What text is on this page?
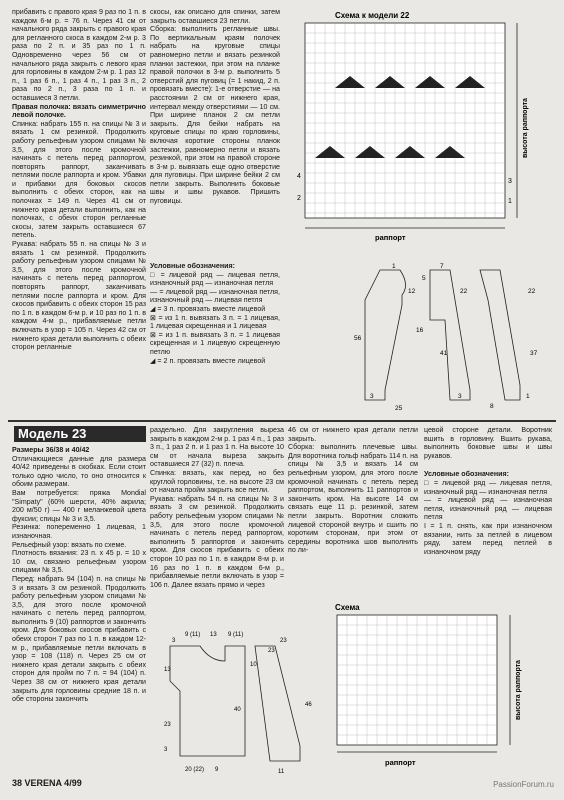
прибавить с правого края 9 раз по 1 п. в каждом 6-м р. = 76 п. Через 41 см от начального ряда закрыть с правого края для регланного скоса в каждом 2-м р. 3 раза по 2 п. и 35 раз по 1 п. Одновременно через 56 см от начального ряда закрыть с левого края для горловины в каждом 2-м р. 1 раз 12 п., 1 раз 6 п., 1 раз 4 п., 1 раз 3 п., 2 раза по 2 п., 3 раза по 1 п. и оставшиеся 3 петли.

Правая полочка: вязать симметрично левой полочке.

Спинка: набрать 155 п. на спицы № 3 и вязать 1 см резинкой. Продолжить работу рельефным узором спицами № 3,5, для этого после кромочной начинать с петель перед раппортом, повторять раппорт, заканчивать петлями после раппорта и кром. Убавки и прибавки для боковых скосов выполнить с обеих сторон, как на полочках = 149 п. Через 41 см от нижнего края детали выполнить, как на полочках, с обеих сторон регланные скосы, затем закрыть оставшиеся 67 петель.

Рукава: набрать 55 п. на спицы № 3 и вязать 1 см резинкой. Продолжить работу рельефным узором спицами № 3,5, для этого после кромочной начинать с петель перед раппортом, повторять раппорт, заканчивать петлями после раппорта и кром. Для скосов прибавить с обеих сторон 15 раз по 1 п. в каждом 6-м р. и 10 раз по 1 п. в каждом 4-м р., прибавляемые петли включать в узор = 105 п. Через 42 см от нижнего края детали выполнить с обеих сторон регланные

скосы, как описано для спинки, затем закрыть оставшиеся 23 петли.

Сборка: выполнить регланные швы. По вертикальным краям полочек набрать на круговые спицы равномерно петли и вязать резинкой планки застежки, при этом на планке правой полочки в 3-м р. выполнить 5 отверстий для пуговиц (= 1 накид, 2 п. провязать вместе): 1-е отверстие — на расстоянии 2 см от нижнего края, интервал между отверстиями — 10 см. При ширине планок 2 см петли закрыть. Для бейки набрать на круговые спицы по краю горловины, включая короткие стороны планок застежки, равномерно петли и вязать резинкой, при этом на правой стороне в 3-м р. вывязать еще одно отверстие для пуговицы. При ширине бейки 2 см петли закрыть. Выполнить боковые швы и швы рукавов. Пришить пуговицы.

Условные обозначения:

□ = лицевой ряд — лицевая петля, изнаночный ряд — изнаночная петля

— = лицевой ряд — изнаночная петля, изнаночный ряд — лицевая петля

◢ = 3 п. провязать вместе лицевой

⊠ = из 1 п. вывязать 3 п. = 1 лицевая, 1 лицевая скрещенная и 1 лицевая

⊠ = из 1 п. вывязать 3 п. = 1 лицевая скрещенная и 1 лицевую скрещенную петлю

◢ = 2 п. провязать вместе лицевой

Схема к модели 22
раппорт
высота раппорта
4
2	1
3
1
12	22
7
16
56
41
25
3
8
22
5
37
3	1
Модель 23

Размеры 36/38 и 40/42

Отличающиеся данные для размера 40/42 приведены в скобках. Если стоит только одно число, то оно относится к обоим размерам.

Вам потребуется: пряжа Mondial "Simpaty" (60% шерсти, 40% акрила; 200 м/50 г) — 400 г меланжевой цвета фуксии; спицы № 3 и 3,5.

Резинка: попеременно 1 лицевая, 1 изнаночная.

Рельефный узор: вязать по схеме.

Плотность вязания: 23 п. x 45 р. = 10 x 10 см, связано рельефным узором спицами № 3,5.

Перед: набрать 94 (104) п. на спицы № 3 и вязать 3 см резинкой. Продолжить работу рельефным узором спицами № 3,5, для этого после кромочной начинать с петель перед раппортом, выполнить 9 (10) раппортов и закончить кром. Для боковых скосов прибавить с обеих сторон 7 раз по 1 п. в каждом 12-м р., прибавляемые петли включать в узор = 108 (118) п. Через 25 см от нижнего края детали закрыть с обеих сторон для пройм по 7 п. = 94 (104) п. Через 38 см от нижнего края детали закрыть для горловины средние 18 п. и обе стороны закончить

раздельно. Для закругления выреза закрыть в каждом 2-м р. 1 раз 4 п., 1 раз 3 п., 1 раз 2 п. и 1 раз 1 п. На высоте 10 см от начала выреза закрыть оставшиеся 27 (32) п. плеча.

Спинка: вязать, как перед, но без круглой горловины, т.е. на высоте 23 см от начала пройм закрыть все петли.

Рукава: набрать 54 п. на спицы № 3 и вязать 3 см резинкой. Продолжить работу рельефным узором спицами № 3,5, для этого после кромочной начинать с петель перед раппортом, выполнить 5 раппортов и закончить кром. Для скосов прибавить с обеих сторон 10 раз по 1 п. в каждом 8-м р. и 16 раз по 1 п. в каждом 6-м р., прибавляемые петли включать в узор = 106 п. Далее вязать прямо и через

46 см от нижнего края детали петли закрыть.

Сборка: выполнить плечевые швы. Для воротника гольф набрать 114 п. на спицы № 3,5 и вязать 14 см рельефным узором, для этого после кромочной начинать с петель перед раппортом, выполнить 11 раппортов и закончить кром. На высоте 14 см связать еще 11 р. резинкой, затем петли закрыть. Воротник сложить лицевой стороной внутрь и сшить по коротким сторонам, при этом от середины воротника шов выполнить по ли-

цевой стороне детали. Воротник вшить в горловину. Вшить рукава, выполнить боковые швы и швы рукавов.

Условные обозначения:

□ = лицевой ряд — лицевая петля, изнаночный ряд — изнаночная петля

— = лицевой ряд — изнаночная петля, изнаночный ряд — лицевая петля

I = 1 п. снять, как при изнаночном вязании, нить за петлей в лицевом ряду, затем перед петлей в изнаночном ряду

Схема
раппорт
высота раппорта
3
9 (11) 13 9 (11)
23
10
13
40
23
3
20 (22) 9
23
46
11
38 VERENA 4/99	PassionForum.ru
